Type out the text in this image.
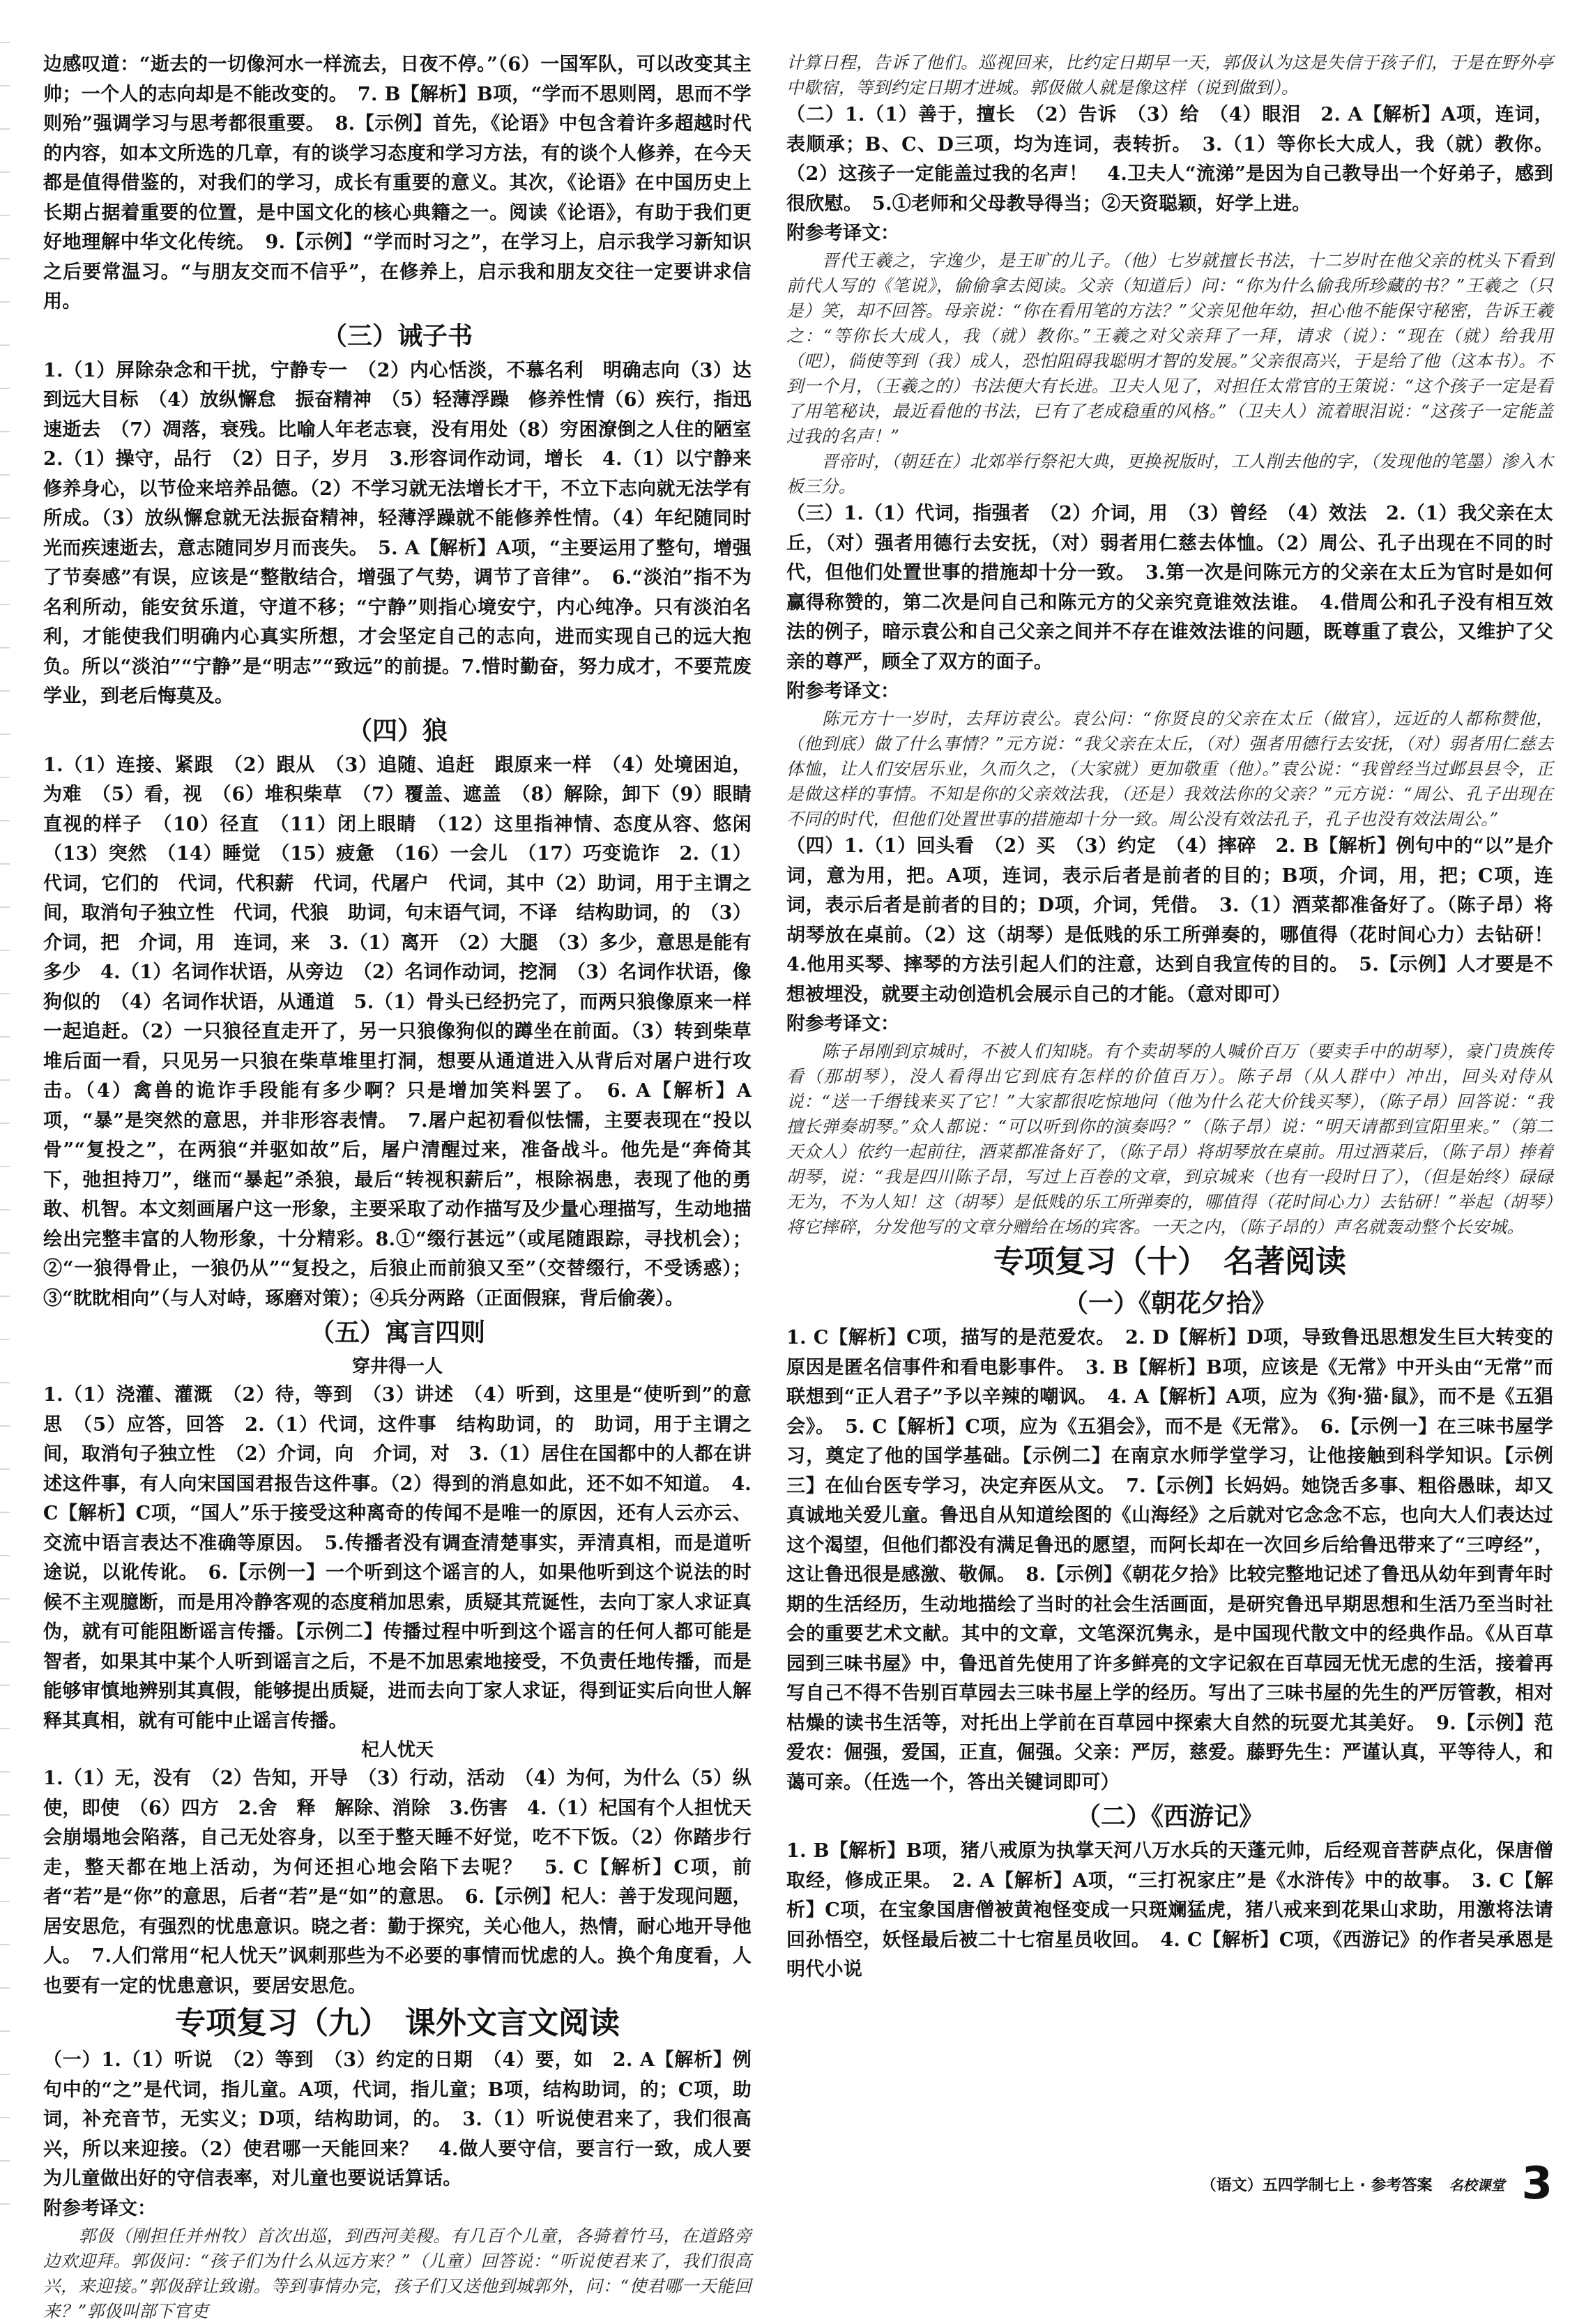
边感叹道：“逝去的一切像河水一样流去，日夜不停。”（6）一国军队，可以改变其主帅；一个人的志向却是不能改变的。　7. B【解析】B项，“学而不思则罔，思而不学则殆”强调学习与思考都很重要。　8.【示例】首先，《论语》中包含着许多超越时代的内容，如本文所选的几章，有的谈学习态度和学习方法，有的谈个人修养，在今天都是值得借鉴的，对我们的学习，成长有重要的意义。其次，《论语》在中国历史上长期占据着重要的位置，是中国文化的核心典籍之一。阅读《论语》，有助于我们更好地理解中华文化传统。　9.【示例】“学而时习之”，在学习上，启示我学习新知识之后要常温习。“与朋友交而不信乎”，在修养上，启示我和朋友交往一定要讲求信用。

（三）诫子书

1.（1）屏除杂念和干扰，宁静专一　（2）内心恬淡，不慕名利　明确志向（3）达到远大目标　（4）放纵懈怠　振奋精神　（5）轻薄浮躁　修养性情（6）疾行，指迅速逝去　（7）凋落，衰残。比喻人年老志衰，没有用处（8）穷困潦倒之人住的陋室　2.（1）操守，品行　（2）日子，岁月　3.形容词作动词，增长　4.（1）以宁静来修养身心，以节俭来培养品德。（2）不学习就无法增长才干，不立下志向就无法学有所成。（3）放纵懈怠就无法振奋精神，轻薄浮躁就不能修养性情。（4）年纪随同时光而疾速逝去，意志随同岁月而丧失。　5. A【解析】A项，“主要运用了整句，增强了节奏感”有误，应该是“整散结合，增强了气势，调节了音律”。　6.“淡泊”指不为名利所动，能安贫乐道，守道不移；“宁静”则指心境安宁，内心纯净。只有淡泊名利，才能使我们明确内心真实所想，才会坚定自己的志向，进而实现自己的远大抱负。所以“淡泊”“宁静”是“明志”“致远”的前提。7.惜时勤奋，努力成才，不要荒废学业，到老后悔莫及。

（四）狼

1.（1）连接、紧跟　（2）跟从　（3）追随、追赶　跟原来一样　（4）处境困迫，为难　（5）看，视　（6）堆积柴草　（7）覆盖、遮盖　（8）解除，卸下（9）眼睛直视的样子　（10）径直　（11）闭上眼睛　（12）这里指神情、态度从容、悠闲　（13）突然　（14）睡觉　（15）疲惫　（16）一会儿　（17）巧变诡诈　2.（1）代词，它们的　代词，代积薪　代词，代屠户　代词，其中（2）助词，用于主谓之间，取消句子独立性　代词，代狼　助词，句末语气词，不译　结构助词，的　（3）介词，把　介词，用　连词，来　3.（1）离开　（2）大腿　（3）多少，意思是能有多少　4.（1）名词作状语，从旁边　（2）名词作动词，挖洞　（3）名词作状语，像狗似的　（4）名词作状语，从通道　5.（1）骨头已经扔完了，而两只狼像原来一样一起追赶。（2）一只狼径直走开了，另一只狼像狗似的蹲坐在前面。（3）转到柴草堆后面一看，只见另一只狼在柴草堆里打洞，想要从通道进入从背后对屠户进行攻击。（4）禽兽的诡诈手段能有多少啊？只是增加笑料罢了。　6. A【解析】A项，“暴”是突然的意思，并非形容表情。　7.屠户起初看似怯懦，主要表现在“投以骨”“复投之”，在两狼“并驱如故”后，屠户清醒过来，准备战斗。他先是“奔倚其下，弛担持刀”，继而“暴起”杀狼，最后“转视积薪后”，根除祸患，表现了他的勇敢、机智。本文刻画屠户这一形象，主要采取了动作描写及少量心理描写，生动地描绘出完整丰富的人物形象，十分精彩。8.①“缀行甚远”（或尾随跟踪，寻找机会）；②“一狼得骨止，一狼仍从”“复投之，后狼止而前狼又至”（交替缀行，不受诱惑）；③“眈眈相向”（与人对峙，琢磨对策）；④兵分两路（正面假寐，背后偷袭）。

（五）寓言四则

穿井得一人

1.（1）浇灌、灌溉　（2）待，等到　（3）讲述　（4）听到，这里是“使听到”的意思　（5）应答，回答　2.（1）代词，这件事　结构助词，的　助词，用于主谓之间，取消句子独立性　（2）介词，向　介词，对　3.（1）居住在国都中的人都在讲述这件事，有人向宋国国君报告这件事。（2）得到的消息如此，还不如不知道。　4. C【解析】C项，“国人”乐于接受这种离奇的传闻不是唯一的原因，还有人云亦云、交流中语言表达不准确等原因。　5.传播者没有调查清楚事实，弄清真相，而是道听途说，以讹传讹。　6.【示例一】一个听到这个谣言的人，如果他听到这个说法的时候不主观臆断，而是用冷静客观的态度稍加思索，质疑其荒诞性，去向丁家人求证真伪，就有可能阻断谣言传播。【示例二】传播过程中听到这个谣言的任何人都可能是智者，如果其中某个人听到谣言之后，不是不加思索地接受，不负责任地传播，而是能够审慎地辨别其真假，能够提出质疑，进而去向丁家人求证，得到证实后向世人解释其真相，就有可能中止谣言传播。

杞人忧天

1.（1）无，没有　（2）告知，开导　（3）行动，活动　（4）为何，为什么（5）纵使，即使　（6）四方　2.舍　释　解除、消除　3.伤害　4.（1）杞国有个人担忧天会崩塌地会陷落，自己无处容身，以至于整天睡不好觉，吃不下饭。（2）你踏步行走，整天都在地上活动，为何还担心地会陷下去呢？　5. C【解析】C项，前者“若”是“你”的意思，后者“若”是“如”的意思。　6.【示例】杞人：善于发现问题，居安思危，有强烈的忧患意识。晓之者：勤于探究，关心他人，热情，耐心地开导他人。　7.人们常用“杞人忧天”讽刺那些为不必要的事情而忧虑的人。换个角度看，人也要有一定的忧患意识，要居安思危。

专项复习（九）　课外文言文阅读

（一）1.（1）听说　（2）等到　（3）约定的日期　（4）要，如　2. A【解析】例句中的“之”是代词，指儿童。A项，代词，指儿童；B项，结构助词，的；C项，助词，补充音节，无实义；D项，结构助词，的。　3.（1）听说使君来了，我们很高兴，所以来迎接。（2）使君哪一天能回来？　4.做人要守信，要言行一致，成人要为儿童做出好的守信表率，对儿童也要说话算话。

附参考译文：

　　郭伋（刚担任并州牧）首次出巡，到西河美稷。有几百个儿童，各骑着竹马，在道路旁边欢迎拜。郭伋问：“孩子们为什么从远方来？”（儿童）回答说：“听说使君来了，我们很高兴，来迎接。”郭伋辞让致谢。等到事情办完，孩子们又送他到城郭外，问：“使君哪一天能回来？”郭伋叫部下官吏

计算日程，告诉了他们。巡视回来，比约定日期早一天，郭伋认为这是失信于孩子们，于是在野外亭中歇宿，等到约定日期才进城。郭伋做人就是像这样（说到做到）。

（二）1.（1）善于，擅长　（2）告诉　（3）给　（4）眼泪　2. A【解析】A项，连词，表顺承；B、C、D三项，均为连词，表转折。　3.（1）等你长大成人，我（就）教你。（2）这孩子一定能盖过我的名声！　4.卫夫人“流涕”是因为自己教导出一个好弟子，感到很欣慰。　5.①老师和父母教导得当；②天资聪颖，好学上进。

附参考译文：

　　晋代王羲之，字逸少，是王旷的儿子。（他）七岁就擅长书法，十二岁时在他父亲的枕头下看到前代人写的《笔说》，偷偷拿去阅读。父亲（知道后）问：“你为什么偷我所珍藏的书？”王羲之（只是）笑，却不回答。母亲说：“你在看用笔的方法？”父亲见他年幼，担心他不能保守秘密，告诉王羲之：“等你长大成人，我（就）教你。”王羲之对父亲拜了一拜，请求（说）：“现在（就）给我用（吧），倘使等到（我）成人，恐怕阻碍我聪明才智的发展。”父亲很高兴，于是给了他（这本书）。不到一个月，（王羲之的）书法便大有长进。卫夫人见了，对担任太常官的王策说：“这个孩子一定是看了用笔秘诀，最近看他的书法，已有了老成稳重的风格。”（卫夫人）流着眼泪说：“这孩子一定能盖过我的名声！”

　　晋帝时，（朝廷在）北郊举行祭祀大典，更换祝版时，工人削去他的字，（发现他的笔墨）渗入木板三分。

（三）1.（1）代词，指强者　（2）介词，用　（3）曾经　（4）效法　2.（1）我父亲在太丘，（对）强者用德行去安抚，（对）弱者用仁慈去体恤。（2）周公、孔子出现在不同的时代，但他们处置世事的措施却十分一致。　3.第一次是问陈元方的父亲在太丘为官时是如何赢得称赞的，第二次是问自己和陈元方的父亲究竟谁效法谁。　4.借周公和孔子没有相互效法的例子，暗示袁公和自己父亲之间并不存在谁效法谁的问题，既尊重了袁公，又维护了父亲的尊严，顾全了双方的面子。

附参考译文：

　　陈元方十一岁时，去拜访袁公。袁公问：“你贤良的父亲在太丘（做官），远近的人都称赞他，（他到底）做了什么事情？”元方说：“我父亲在太丘，（对）强者用德行去安抚，（对）弱者用仁慈去体恤，让人们安居乐业，久而久之，（大家就）更加敬重（他）。”袁公说：“我曾经当过邺县县令，正是做这样的事情。不知是你的父亲效法我，（还是）我效法你的父亲？”元方说：“周公、孔子出现在不同的时代，但他们处置世事的措施却十分一致。周公没有效法孔子，孔子也没有效法周公。”

（四）1.（1）回头看　（2）买　（3）约定　（4）摔碎　2. B【解析】例句中的“以”是介词，意为用，把。A项，连词，表示后者是前者的目的；B项，介词，用，把；C项，连词，表示后者是前者的目的；D项，介词，凭借。　3.（1）酒菜都准备好了。（陈子昂）将胡琴放在桌前。（2）这（胡琴）是低贱的乐工所弹奏的，哪值得（花时间心力）去钻研！　4.他用买琴、摔琴的方法引起人们的注意，达到自我宣传的目的。　5.【示例】人才要是不想被埋没，就要主动创造机会展示自己的才能。（意对即可）

附参考译文：

　　陈子昂刚到京城时，不被人们知晓。有个卖胡琴的人喊价百万（要卖手中的胡琴），豪门贵族传看（那胡琴），没人看得出它到底有怎样的价值百万）。陈子昂（从人群中）冲出，回头对侍从说：“送一千缗钱来买了它！”大家都很吃惊地问（他为什么花大价钱买琴），（陈子昂）回答说：“我擅长弹奏胡琴。”众人都说：“可以听到你的演奏吗？”（陈子昂）说：“明天请都到宣阳里来。”（第二天众人）依约一起前往，酒菜都准备好了，（陈子昂）将胡琴放在桌前。用过酒菜后，（陈子昂）捧着胡琴，说：“我是四川陈子昂，写过上百卷的文章，到京城来（也有一段时日了），（但是始终）碌碌无为，不为人知！这（胡琴）是低贱的乐工所弹奏的，哪值得（花时间心力）去钻研！”举起（胡琴）将它摔碎，分发他写的文章分赠给在场的宾客。一天之内，（陈子昂的）声名就轰动整个长安城。

专项复习（十）　名著阅读
（一）《朝花夕拾》

1. C【解析】C项，描写的是范爱农。　2. D【解析】D项，导致鲁迅思想发生巨大转变的原因是匿名信事件和看电影事件。　3. B【解析】B项，应该是《无常》中开头由“无常”而联想到“正人君子”予以辛辣的嘲讽。　4. A【解析】A项，应为《狗·猫·鼠》，而不是《五猖会》。　5. C【解析】C项，应为《五猖会》，而不是《无常》。　6.【示例一】在三味书屋学习，奠定了他的国学基础。【示例二】在南京水师学堂学习，让他接触到科学知识。【示例三】在仙台医专学习，决定弃医从文。　7.【示例】长妈妈。她饶舌多事、粗俗愚昧，却又真诚地关爱儿童。鲁迅自从知道绘图的《山海经》之后就对它念念不忘，也向大人们表达过这个渴望，但他们都没有满足鲁迅的愿望，而阿长却在一次回乡后给鲁迅带来了“三哼经”，这让鲁迅很是感激、敬佩。　8.【示例】《朝花夕拾》比较完整地记述了鲁迅从幼年到青年时期的生活经历，生动地描绘了当时的社会生活画面，是研究鲁迅早期思想和生活乃至当时社会的重要艺术文献。其中的文章，文笔深沉隽永，是中国现代散文中的经典作品。《从百草园到三味书屋》中，鲁迅首先使用了许多鲜亮的文字记叙在百草园无忧无虑的生活，接着再写自己不得不告别百草园去三味书屋上学的经历。写出了三味书屋的先生的严厉管教，相对枯燥的读书生活等，对托出上学前在百草园中探索大自然的玩耍尤其美好。　9.【示例】范爱农：倔强，爱国，正直，倔强。父亲：严厉，慈爱。藤野先生：严谨认真，平等待人，和蔼可亲。（任选一个，答出关键词即可）

（二）《西游记》

1. B【解析】B项，猪八戒原为执掌天河八万水兵的天蓬元帅，后经观音菩萨点化，保唐僧取经，修成正果。　2. A【解析】A项，“三打祝家庄”是《水浒传》中的故事。　3. C【解析】C项，在宝象国唐僧被黄袍怪变成一只斑斓猛虎，猪八戒来到花果山求助，用激将法请回孙悟空，妖怪最后被二十七宿星员收回。　4. C【解析】C项，《西游记》的作者吴承恩是明代小说

（语文）五四学制七上 · 参考答案 名校课堂 3
